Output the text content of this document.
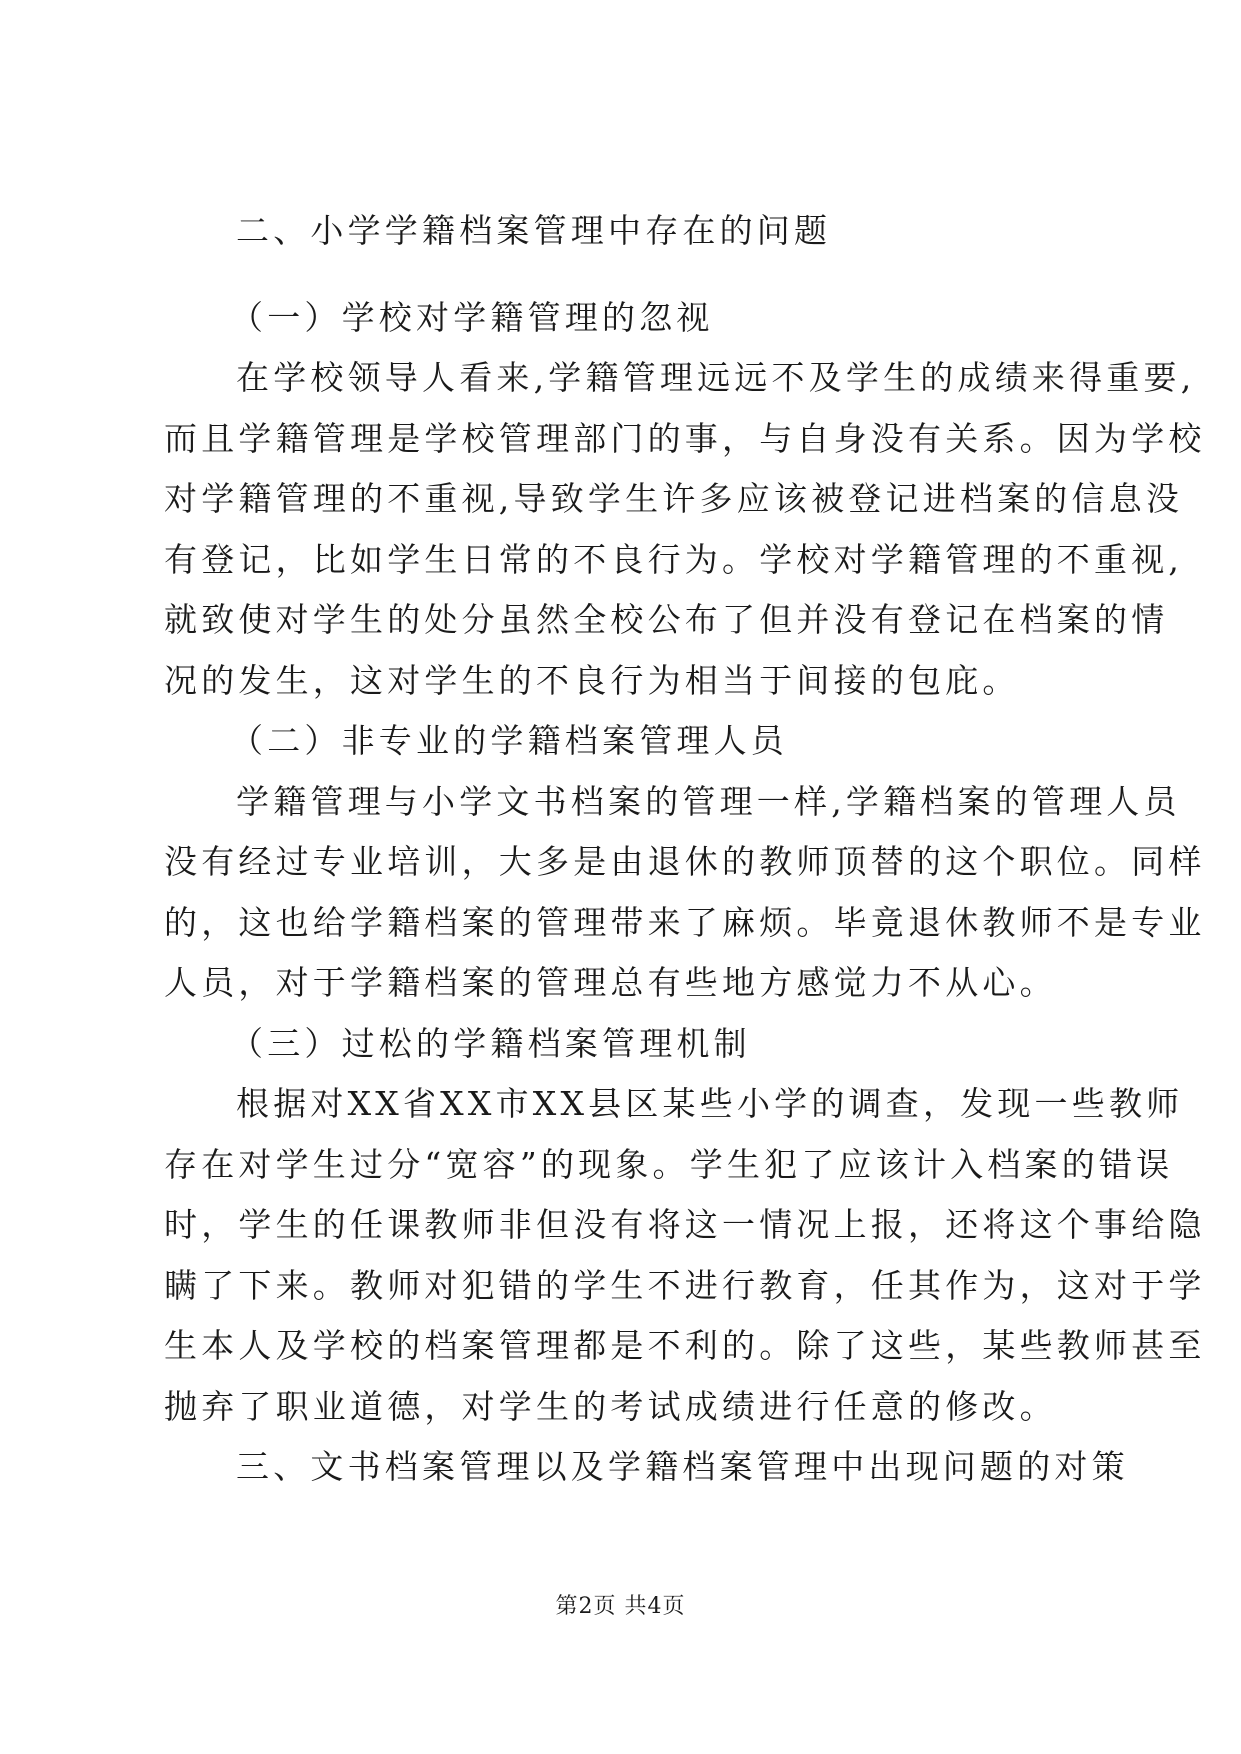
二、小学学籍档案管理中存在的问题
（一）学校对学籍管理的忽视
在学校领导人看来,学籍管理远远不及学生的成绩来得重要,
而且学籍管理是学校管理部门的事，与自身没有关系。因为学校
对学籍管理的不重视,导致学生许多应该被登记进档案的信息没
有登记，比如学生日常的不良行为。学校对学籍管理的不重视,
就致使对学生的处分虽然全校公布了但并没有登记在档案的情
况的发生，这对学生的不良行为相当于间接的包庇。
（二）非专业的学籍档案管理人员
学籍管理与小学文书档案的管理一样,学籍档案的管理人员
没有经过专业培训，大多是由退休的教师顶替的这个职位。同样
的，这也给学籍档案的管理带来了麻烦。毕竟退休教师不是专业
人员，对于学籍档案的管理总有些地方感觉力不从心。
（三）过松的学籍档案管理机制
根据对XX省XX市XX县区某些小学的调查，发现一些教师
存在对学生过分“宽容”的现象。学生犯了应该计入档案的错误
时，学生的任课教师非但没有将这一情况上报，还将这个事给隐
瞒了下来。教师对犯错的学生不进行教育，任其作为，这对于学
生本人及学校的档案管理都是不利的。除了这些，某些教师甚至
抛弃了职业道德，对学生的考试成绩进行任意的修改。
三、文书档案管理以及学籍档案管理中出现问题的对策
第2页 共4页
